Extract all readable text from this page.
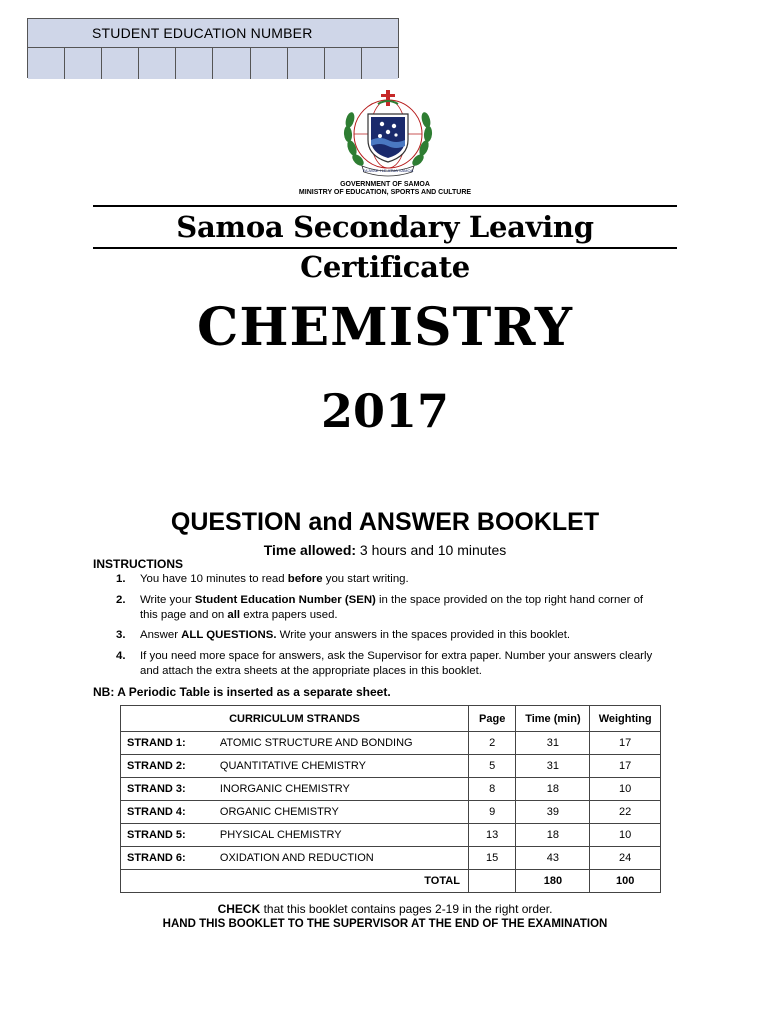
STUDENT EDUCATION NUMBER
FA'AVAE I LE ATUA SAMOA
GOVERNMENT OF SAMOA
MINISTRY OF EDUCATION, SPORTS AND CULTURE
Samoa Secondary Leaving Certificate
CHEMISTRY
2017
QUESTION and ANSWER BOOKLET
Time allowed: 3 hours and 10 minutes
INSTRUCTIONS
1. You have 10 minutes to read before you start writing.
2. Write your Student Education Number (SEN) in the space provided on the top right hand corner of this page and on all extra papers used.
3. Answer ALL QUESTIONS. Write your answers in the spaces provided in this booklet.
4. If you need more space for answers, ask the Supervisor for extra paper. Number your answers clearly and attach the extra sheets at the appropriate places in this booklet.
NB: A Periodic Table is inserted as a separate sheet.
CURRICULUM STRANDS		Page	Time (min)	Weighting
STRAND 1:	ATOMIC STRUCTURE AND BONDING	2	31	17
STRAND 2:	QUANTITATIVE CHEMISTRY	5	31	17
STRAND 3:	INORGANIC CHEMISTRY	8	18	10
STRAND 4:	ORGANIC CHEMISTRY	9	39	22
STRAND 5:	PHYSICAL CHEMISTRY	13	18	10
STRAND 6:	OXIDATION AND REDUCTION	15	43	24
TOTAL			180	100
CHECK that this booklet contains pages 2-19 in the right order.
HAND THIS BOOKLET TO THE SUPERVISOR AT THE END OF THE EXAMINATION
